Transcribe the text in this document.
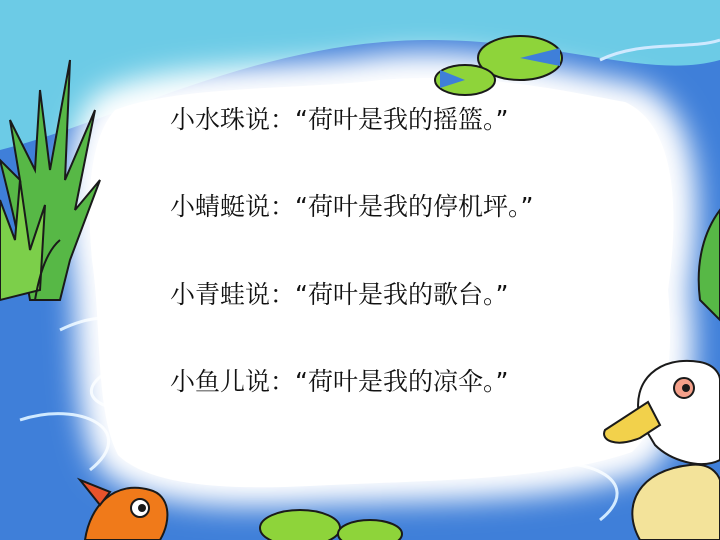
小水珠说：“荷叶是我的摇篮。”
小蜻蜓说：“荷叶是我的停机坪。”
小青蛙说：“荷叶是我的歌台。”
小鱼儿说：“荷叶是我的凉伞。”
